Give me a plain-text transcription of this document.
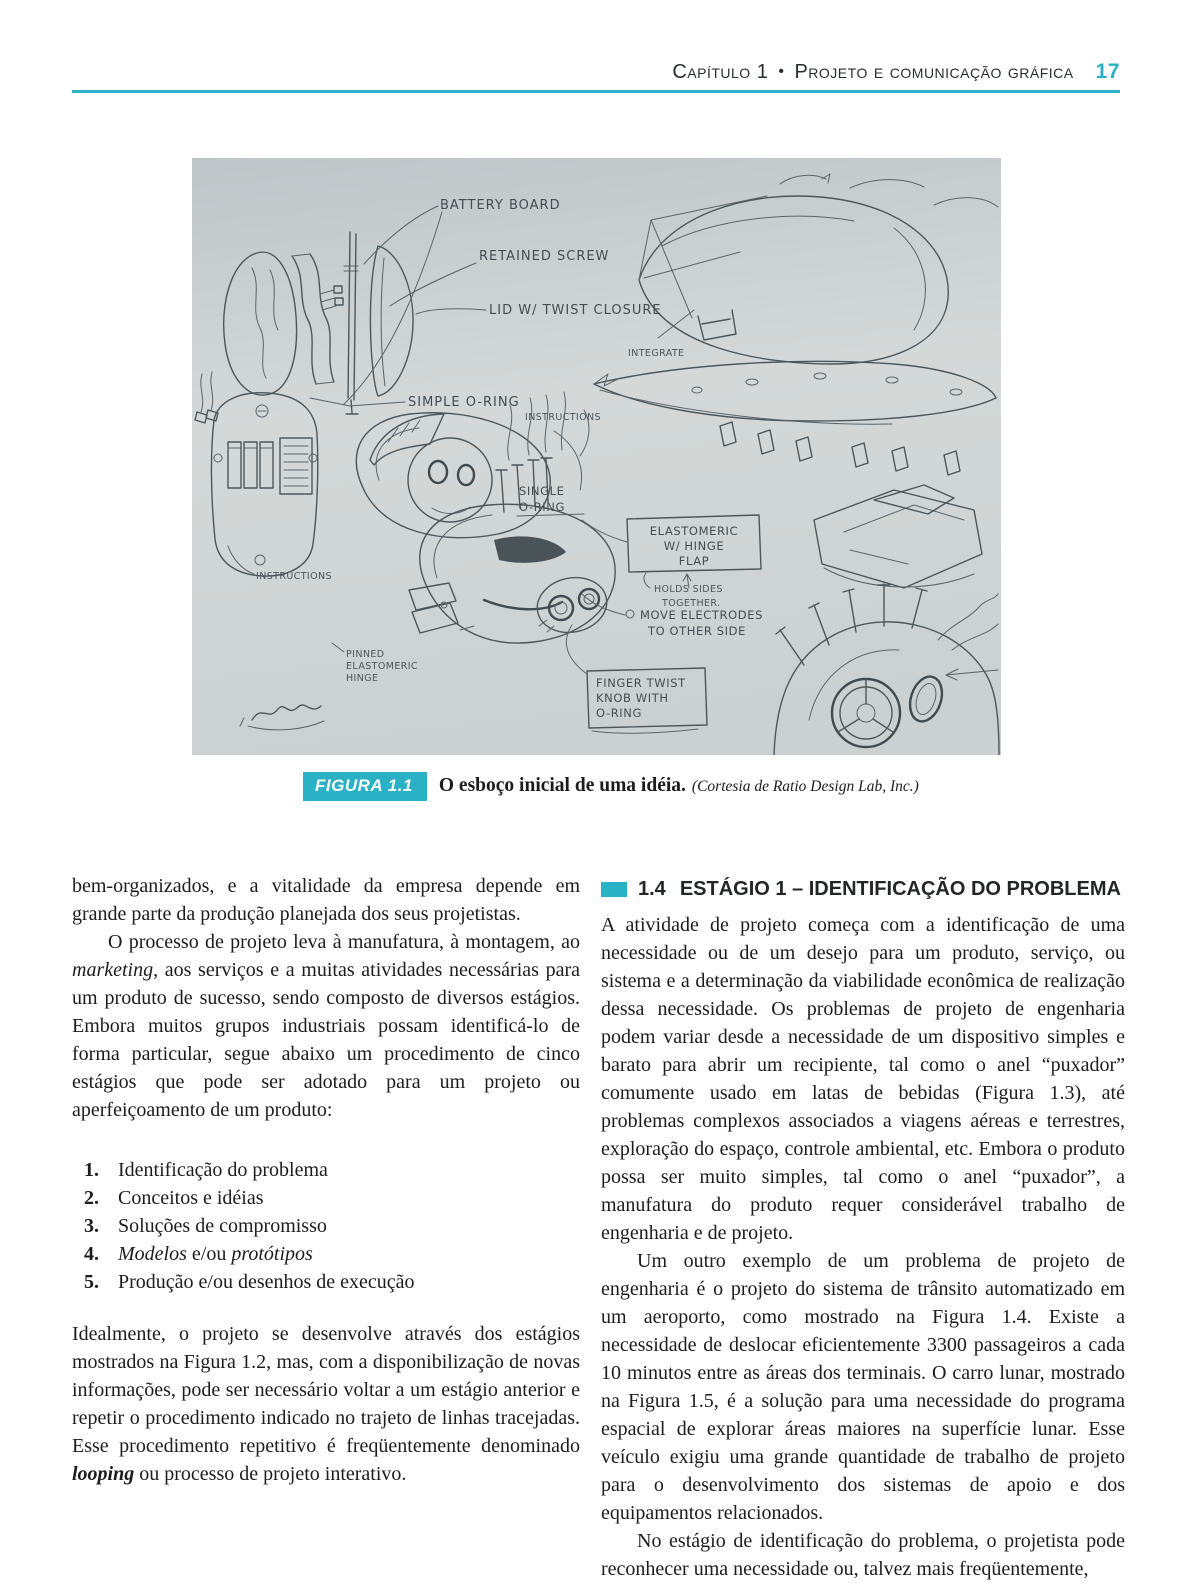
Capítulo 1 • Projeto e comunicação gráfica 17
BATTERY BOARD
RETAINED SCREW
LID W/ TWIST CLOSURE
INTEGRATE
SIMPLE O-RING
INSTRUCTIONS
INSTRUCTIONS
SINGLE
O-RING
ELASTOMERIC
W/ HINGE
FLAP
HOLDS SIDES
TOGETHER.
MOVE ELECTRODES
TO OTHER SIDE
PINNED
ELASTOMERIC
HINGE	FINGER TWIST
KNOB WITH
O-RING
FIGURA 1.1	O esboço inicial de uma idéia. (Cortesia de Ratio Design Lab, Inc.)

bem-organizados, e a vitalidade da empresa depende em grande parte da produção planejada dos seus projetistas.

O processo de projeto leva à manufatura, à montagem, ao marketing, aos serviços e a muitas atividades necessárias para um produto de sucesso, sendo composto de diversos estágios. Embora muitos grupos industriais possam identificá-lo de forma particular, segue abaixo um procedimento de cinco estágios que pode ser adotado para um projeto ou aperfeiçoamento de um produto:

1. Identificação do problema
2. Conceitos e idéias
3. Soluções de compromisso
4. Modelos e/ou protótipos
5. Produção e/ou desenhos de execução

Idealmente, o projeto se desenvolve através dos estágios mostrados na Figura 1.2, mas, com a disponibilização de novas informações, pode ser necessário voltar a um estágio anterior e repetir o procedimento indicado no trajeto de linhas tracejadas. Esse procedimento repetitivo é freqüentemente denominado looping ou processo de projeto interativo.

1.4 ESTÁGIO 1 – IDENTIFICAÇÃO DO PROBLEMA

A atividade de projeto começa com a identificação de uma necessidade ou de um desejo para um produto, serviço, ou sistema e a determinação da viabilidade econômica de realização dessa necessidade. Os problemas de projeto de engenharia podem variar desde a necessidade de um dispositivo simples e barato para abrir um recipiente, tal como o anel “puxador” comumente usado em latas de bebidas (Figura 1.3), até problemas complexos associados a viagens aéreas e terrestres, exploração do espaço, controle ambiental, etc. Embora o produto possa ser muito simples, tal como o anel “puxador”, a manufatura do produto requer considerável trabalho de engenharia e de projeto.

Um outro exemplo de um problema de projeto de engenharia é o projeto do sistema de trânsito automatizado em um aeroporto, como mostrado na Figura 1.4. Existe a necessidade de deslocar eficientemente 3300 passageiros a cada 10 minutos entre as áreas dos terminais. O carro lunar, mostrado na Figura 1.5, é a solução para uma necessidade do programa espacial de explorar áreas maiores na superfície lunar. Esse veículo exigiu uma grande quantidade de trabalho de projeto para o desenvolvimento dos sistemas de apoio e dos equipamentos relacionados.

No estágio de identificação do problema, o projetista pode reconhecer uma necessidade ou, talvez mais freqüentemente,
